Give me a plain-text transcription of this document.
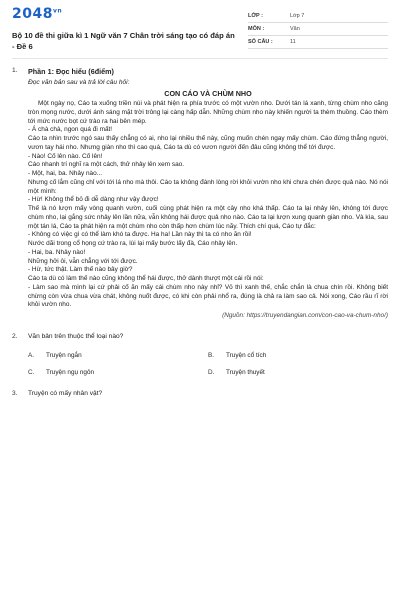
$2048^{vn}$
Bộ 10 đề thi giữa kì 1 Ngữ văn 7 Chân trời sáng tạo có đáp án - Đề 6
LỚP :	Lớp 7
MÔN :	Văn
SỐ CÂU :	11
1.	Phần 1: Đọc hiểu (6điểm)
Đọc văn bản sau và trả lời câu hỏi:
CON CÁO VÀ CHÙM NHO

Một ngày nọ, Cáo ta xuống triền núi và phát hiện ra phía trước có một vườn nho. Dưới tán lá xanh, từng chùm nho căng tròn mọng nước, dưới ánh sáng mặt trời trông lại càng hấp dẫn. Những chùm nho này khiến người ta thèm thuồng. Cáo thèm tới mức nước bọt cứ trào ra hai bên mép.

- Á chà chà, ngon quá đi mất!

Cáo ta nhìn trước ngó sau thấy chẳng có ai, nho lại nhiều thế này, cũng muốn chén ngay mấy chùm. Cáo đứng thẳng người, vươn tay hái nho. Nhưng giàn nho thì cao quá, Cáo ta dù có vươn người đến đâu cũng không thể tới được.

- Nào! Cố lên nào. Cố lên!

Cáo nhanh trí nghĩ ra một cách, thử nhảy lên xem sao.

- Một, hai, ba. Nhảy nào...

Nhưng cố lắm cũng chỉ với tới lá nho mà thôi. Cáo ta không đành lòng rời khỏi vườn nho khi chưa chén được quả nào. Nó nói một mình:

- Hừ! Không thể bỏ đi dễ dàng như vậy được!

Thế là nó lượn mấy vòng quanh vườn, cuối cùng phát hiện ra một cây nho khá thấp. Cáo ta lại nhảy lên, không tới được chùm nho, lại gắng sức nhảy lên lần nữa, vẫn không hái được quả nho nào. Cáo ta lại lượn xung quanh giàn nho. Và kìa, sau một tán lá, Cáo ta phát hiện ra một chùm nho còn thấp hơn chùm lúc nãy. Thích chí quá, Cáo tự đắc:

- Không có việc gì có thể làm khó ta được. Ha ha! Lần này thì ta có nho ăn rồi!

Nước dãi trong cổ họng cứ trào ra, lùi lại mấy bước lấy đà, Cáo nhảy lên.

- Hai, ba. Nhảy nào!

Những hởi ôi, vẫn chẳng với tới được.

- Hừ, tức thật. Làm thế nào bây giờ?

Cáo ta dù có làm thế nào cũng không thể hái được, thở dành thượt một cái rồi nói:

- Làm sao mà mình lại cứ phải cố ăn mấy cái chùm nho này nhỉ? Vỏ thì xanh thế, chắc chắn là chua chín rồi. Không biết chừng còn vừa chua vừa chát, không nuốt được, có khi còn phải nhổ ra, đúng là chả ra làm sao cả. Nói xong, Cáo rầu rĩ rời khỏi vườn nho.

(Nguồn: https://truyendangian.com/con-cao-va-chum-nho/)
2.	Văn bản trên thuộc thể loại nào?
A.	Truyện ngắn	B.	Truyện cổ tích
C.	Truyện ngụ ngôn	D.	Truyện thuyết
3.	Truyện có mấy nhân vật?
